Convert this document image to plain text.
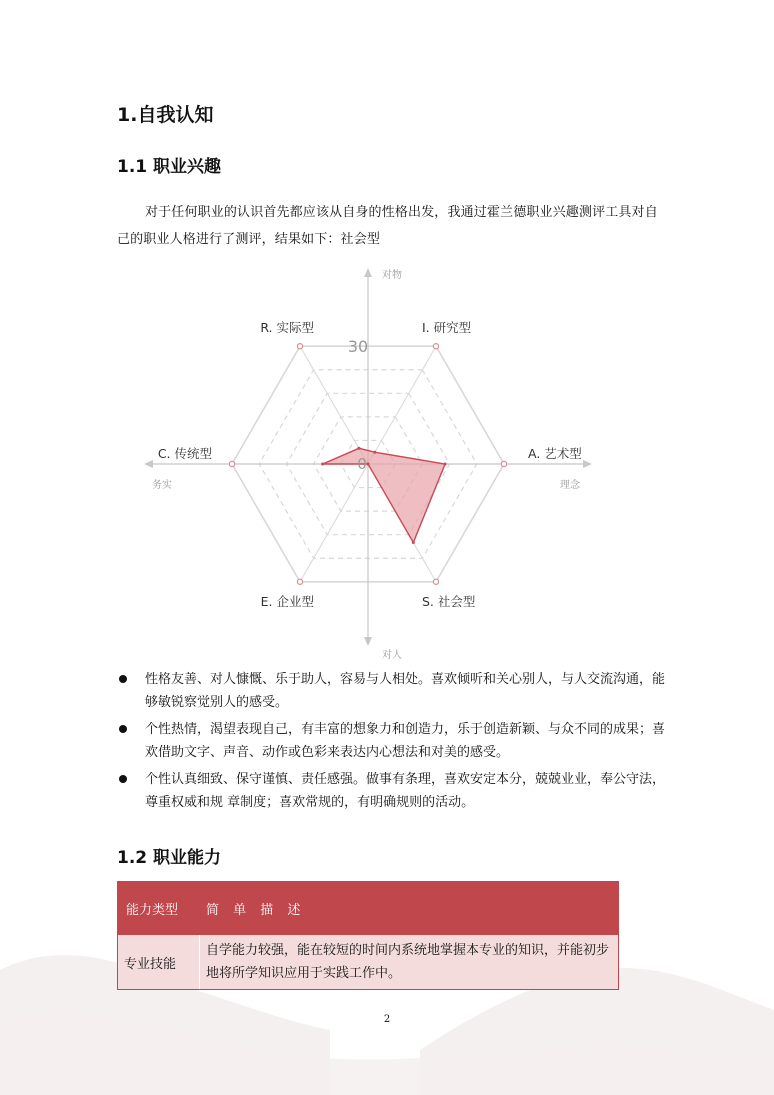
1.自我认知
1.1 职业兴趣

对于任何职业的认识首先都应该从自身的性格出发，我通过霍兰德职业兴趣测评工具对自己的职业人格进行了测评，结果如下：社会型

I. 研究型
A. 艺术型
S. 社会型
E. 企业型
C. 传统型
R. 实际型
30
0
对物
对人
务实	理念
性格友善、对人慷慨、乐于助人，容易与人相处。喜欢倾听和关心别人，与人交流沟通，能够敏锐察觉别人的感受。
个性热情，渴望表现自己，有丰富的想象力和创造力，乐于创造新颖、与众不同的成果；喜欢借助文字、声音、动作或色彩来表达内心想法和对美的感受。
个性认真细致、保守谨慎、责任感强。做事有条理，喜欢安定本分，兢兢业业，奉公守法，尊重权威和规 章制度；喜欢常规的，有明确规则的活动。
1.2 职业能力
能力类型	简 单 描 述
专业技能
自学能力较强，能在较短的时间内系统地掌握本专业的知识，并能初步地将所学知识应用于实践工作中。
2
